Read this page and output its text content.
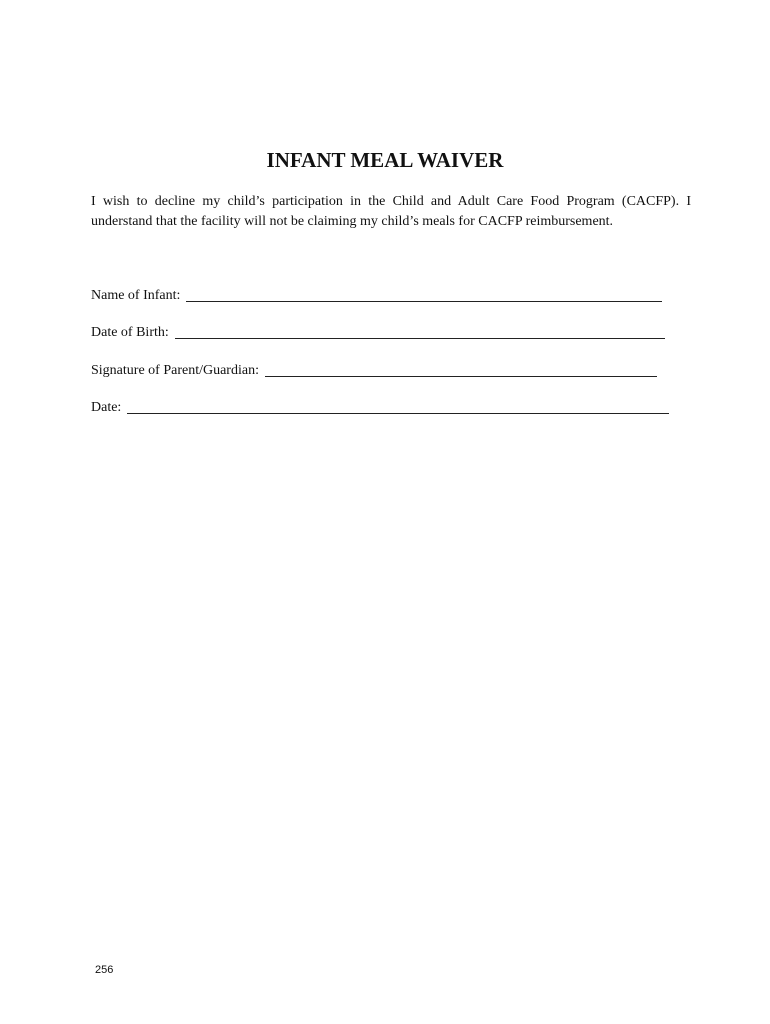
INFANT MEAL WAIVER

I wish to decline my child’s participation in the Child and Adult Care Food Program (CACFP). I understand that the facility will not be claiming my child’s meals for CACFP reimbursement.

Name of Infant:
Date of Birth:
Signature of Parent/Guardian:
Date:

256
